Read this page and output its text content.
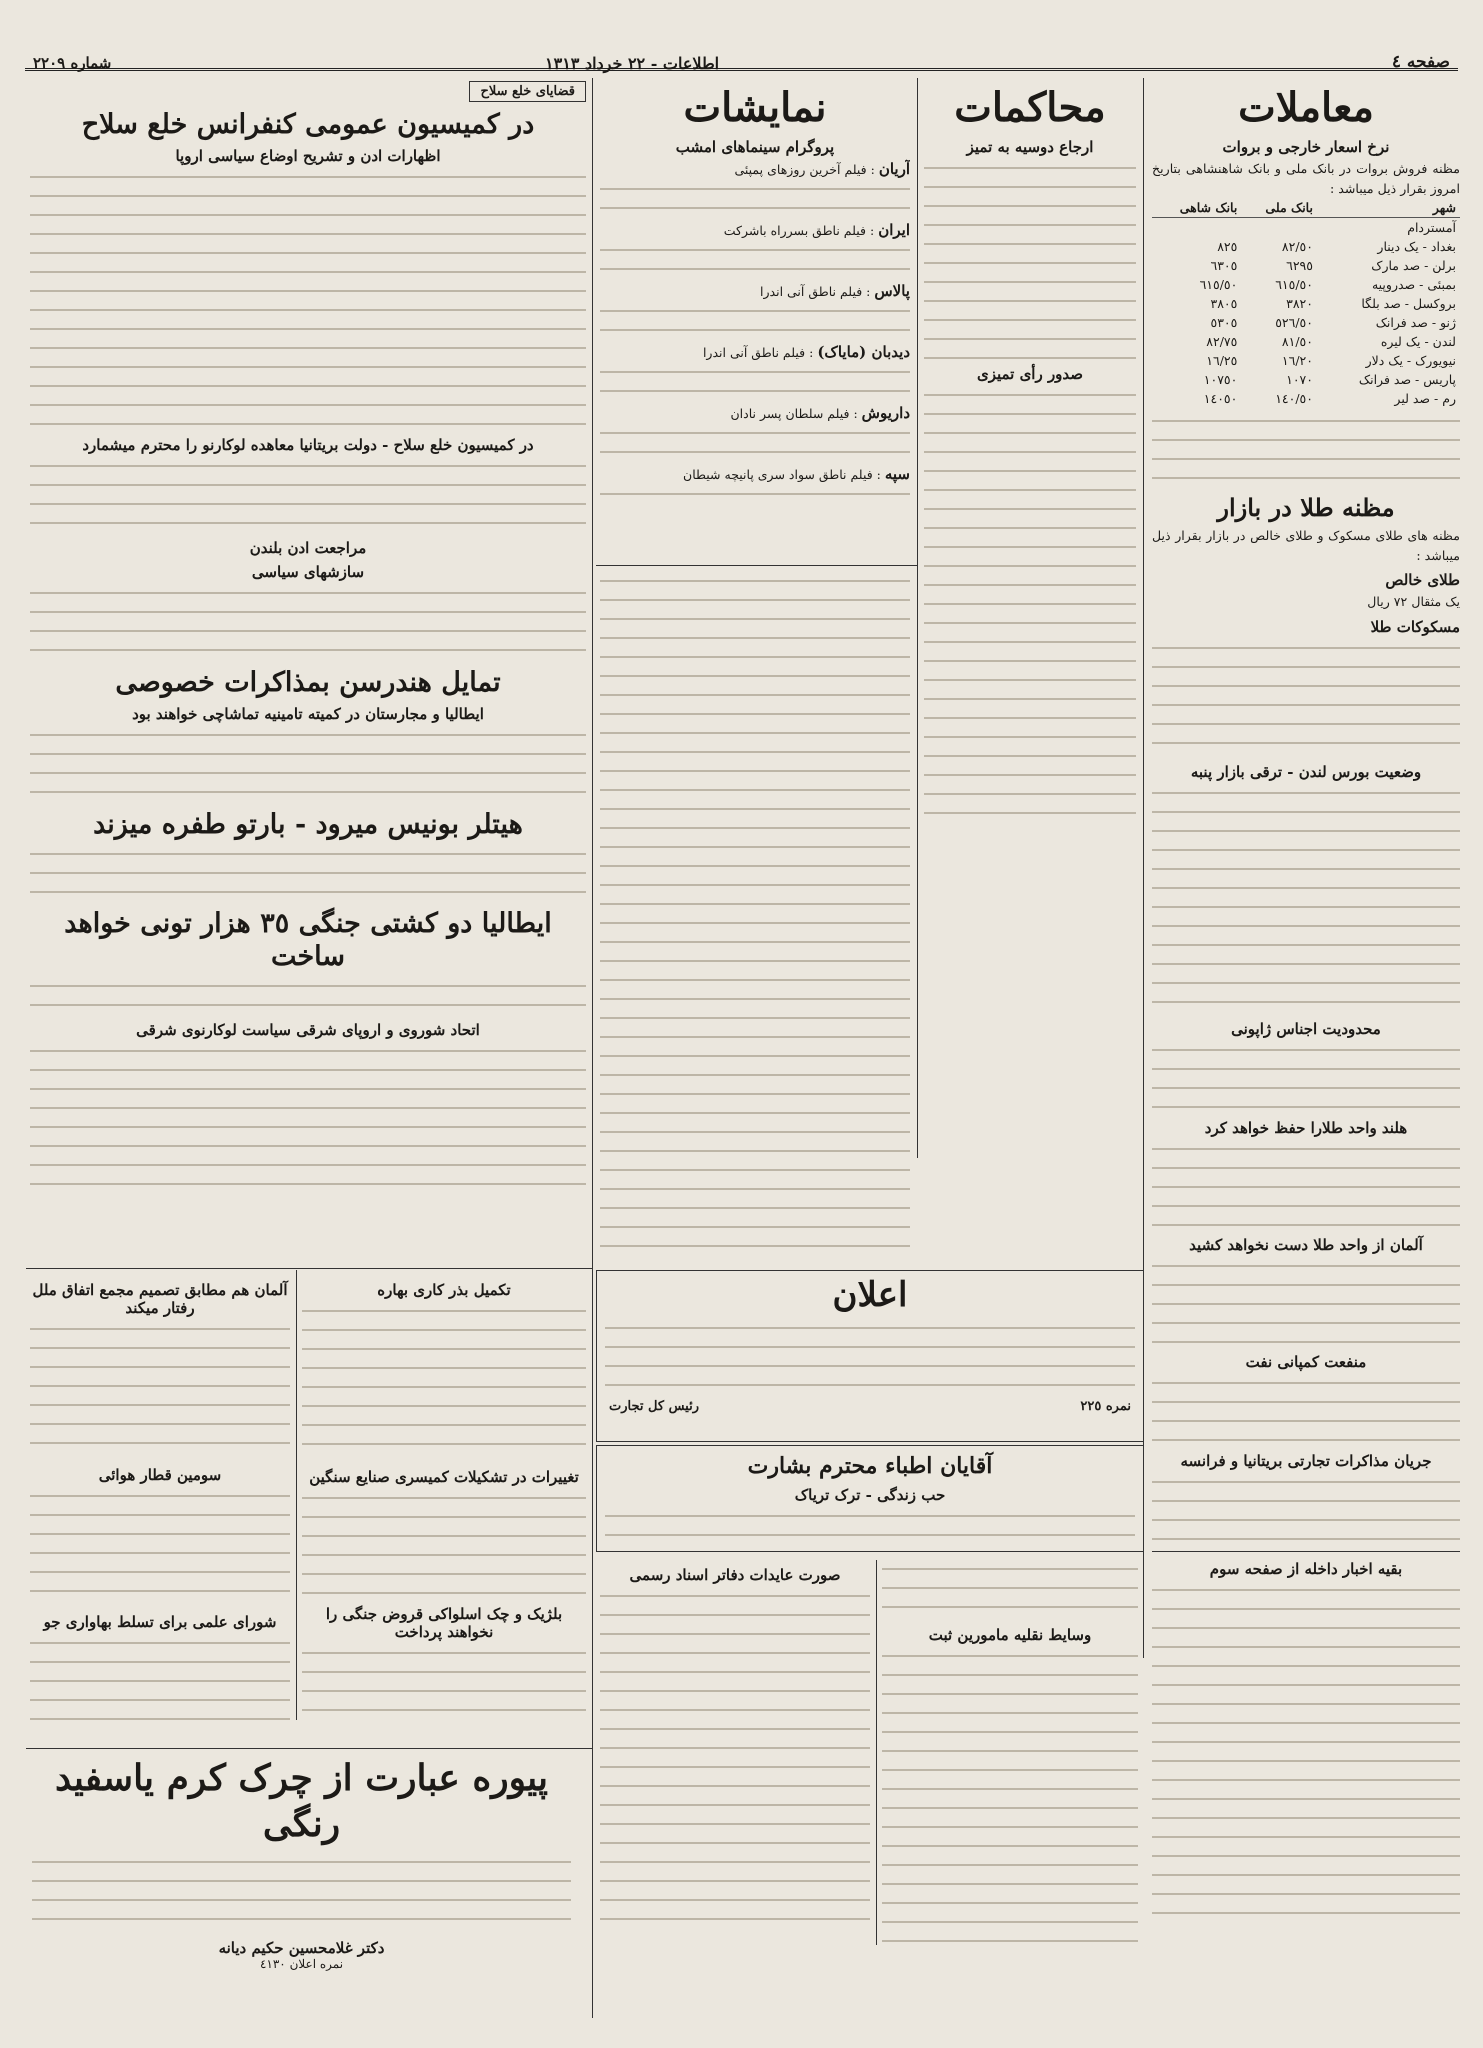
شماره ٢٢٠٩	اطلاعات - ٢٢ خرداد ١٣١٣	صفحه ٤
معاملات
نرخ اسعار خارجی و بروات
مظنه فروش بروات در بانک ملی و بانک شاهنشاهی بتاریخ امروز بقرار ذیل میباشد :
شهر	بانک ملی	بانک شاهی
آمستردام		
بغداد - یک دینار	٨٢/٥٠	٨٢٥
برلن - صد مارک	٦٢٩٥	٦٣٠٥
بمبئی - صدروپیه	٦١٥/٥٠	٦١٥/٥٠
بروکسل - صد بلگا	٣٨٢٠	٣٨٠٥
ژنو - صد فرانک	٥٢٦/٥٠	٥٣٠٥
لندن - یک لیره	٨١/٥٠	٨٢/٧٥
نیویورک - یک دلار	١٦/٢٠	١٦/٢٥
پاریس - صد فرانک	١٠٧٠	١٠٧٥٠
رم - صد لیر	١٤٠/٥٠	١٤٠٥٠
مظنه طلا در بازار
مظنه های طلای مسکوک و طلای خالص در بازار بقرار ذیل میباشد :
طلای خالص
یک مثقال ٧٢ ریال
مسکوکات طلا
وضعیت بورس لندن - ترقی بازار پنبه
محدودیت اجناس ژاپونی
هلند واحد طلارا حفظ خواهد کرد
آلمان از واحد طلا دست نخواهد کشید
منفعت کمپانی نفت
جریان مذاکرات تجارتی بریتانیا و فرانسه
بقیه اخبار داخله از صفحه سوم
محاکمات
ارجاع دوسیه به تمیز
صدور رأی تمیزی
نمایشات
پروگرام سینماهای امشب
آریان : فیلم آخرین روزهای پمپئی
ایران : فیلم ناطق بسرراه باشرکت
پالاس : فیلم ناطق آنی اندرا
دیدبان (مایاک) : فیلم ناطق آنی اندرا
داریوش : فیلم سلطان پسر نادان
سپه : فیلم ناطق سواد سری پانیچه شیطان
اعلان
نمره ٢٢٥
رئیس کل تجارت
آقایان اطباء محترم بشارت
حب زندگی - ترک تریاک
صورت عایدات دفاتر اسناد رسمی
وسایط نقلیه مامورین ثبت
قضایای خلع سلاح
در کمیسیون عمومی کنفرانس خلع سلاح
اظهارات ادن و تشریح اوضاع سیاسی اروپا
در کمیسیون خلع سلاح - دولت بریتانیا معاهده لوکارنو را محترم میشمارد
مراجعت ادن بلندن
سازشهای سیاسی
تمایل هندرسن بمذاکرات خصوصی
ایطالیا و مجارستان در کمیته تامینیه تماشاچی خواهند بود
هیتلر بونیس میرود - بارتو طفره میزند
ایطالیا دو کشتی جنگی ٣٥ هزار تونی خواهد ساخت
اتحاد شوروی و اروپای شرقی سیاست لوکارنوی شرقی
آلمان هم مطابق تصمیم مجمع اتفاق ملل رفتار میکند
سومین قطار هوائی
شورای علمی برای تسلط بهاواری جو
تکمیل بذر کاری بهاره
تغییرات در تشکیلات کمیسری صنایع سنگین
بلژیک و چک اسلواکی قروض جنگی را نخواهند پرداخت
پیوره عبارت از چرک کرم یاسفید رنگی
دکتر غلامحسین حکیم دیانه
نمره اعلان ٤١٣٠
